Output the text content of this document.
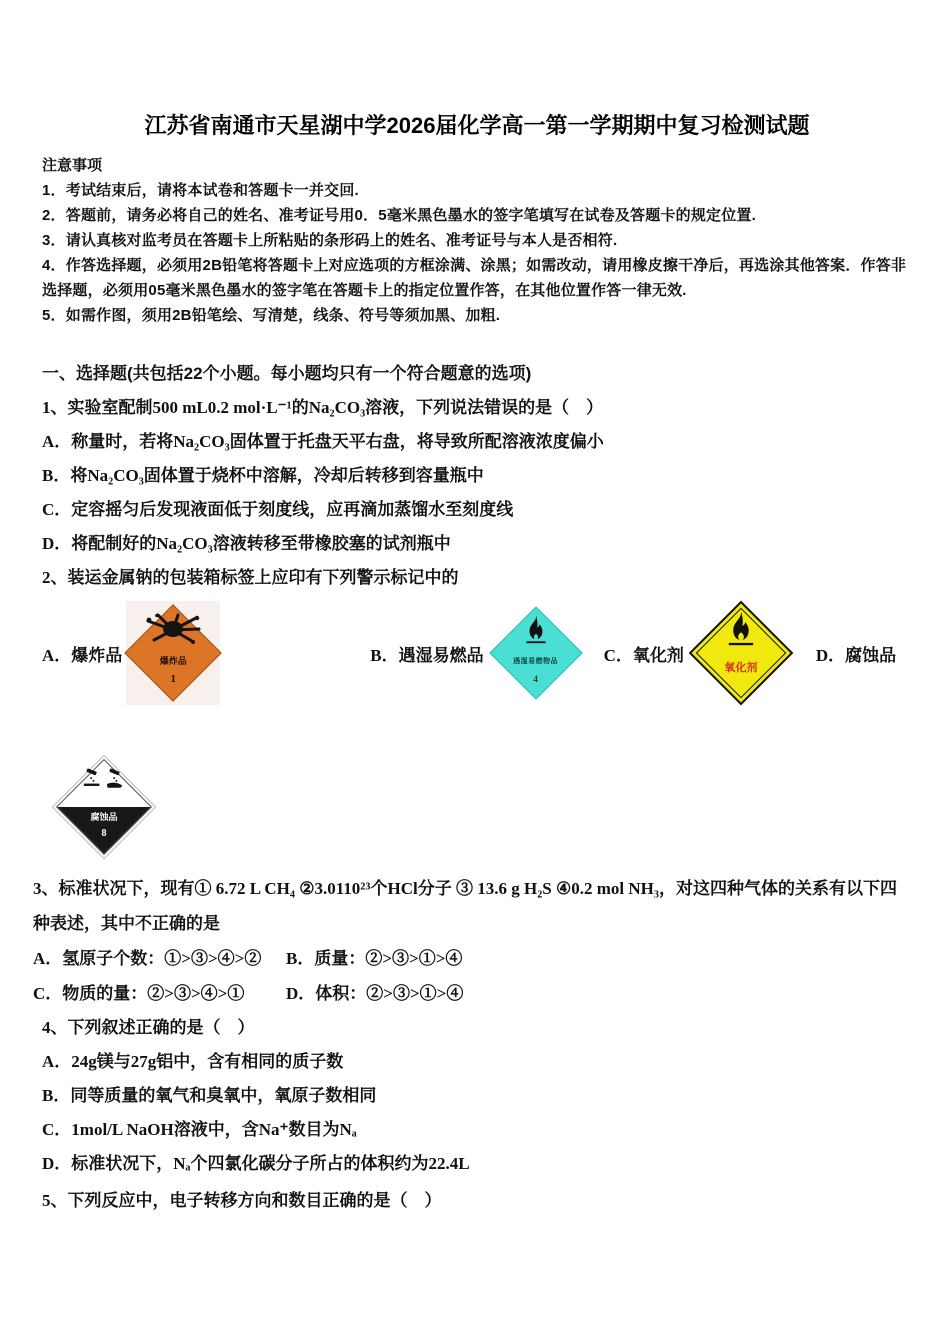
江苏省南通市天星湖中学2026届化学高一第一学期期中复习检测试题
注意事项
1．考试结束后，请将本试卷和答题卡一并交回.
2．答题前，请务必将自己的姓名、准考证号用0．5毫米黑色墨水的签字笔填写在试卷及答题卡的规定位置.
3．请认真核对监考员在答题卡上所粘贴的条形码上的姓名、准考证号与本人是否相符.
4．作答选择题，必须用2B铅笔将答题卡上对应选项的方框涂满、涂黑；如需改动，请用橡皮擦干净后，再选涂其他答案．作答非选择题，必须用05毫米黑色墨水的签字笔在答题卡上的指定位置作答，在其他位置作答一律无效.
5．如需作图，须用2B铅笔绘、写清楚，线条、符号等须加黑、加粗.
一、选择题(共包括22个小题。每小题均只有一个符合题意的选项)
1、实验室配制500 mL0.2 mol·L⁻¹的Na₂CO₃溶液，下列说法错误的是（　）
A．称量时，若将Na₂CO₃固体置于托盘天平右盘，将导致所配溶液浓度偏小
B．将Na₂CO₃固体置于烧杯中溶解，冷却后转移到容量瓶中
C．定容摇匀后发现液面低于刻度线，应再滴加蒸馏水至刻度线
D．将配制好的Na₂CO₃溶液转移至带橡胶塞的试剂瓶中
2、装运金属钠的包装箱标签上应印有下列警示标记中的
A．爆炸品	爆炸品
1
B．遇湿易燃品	遇湿易燃物品
4
C．氧化剂
氧化剂
D．腐蚀品
腐蚀品
8
3、标准状况下，现有① 6.72 L CH₄ ②3.0110²³个HCl分子 ③ 13.6 g H₂S ④0.2 mol NH₃，对这四种气体的关系有以下四
种表述，其中不正确的是
A．氢原子个数：①>③>④>②	B．质量：②>③>①>④
C．物质的量：②>③>④>①	D．体积：②>③>①>④
4、下列叙述正确的是（　）
A．24g镁与27g铝中，含有相同的质子数
B．同等质量的氧气和臭氧中，氧原子数相同
C．1mol/L NaOH溶液中，含Na⁺数目为Nₐ
D．标准状况下，Nₐ个四氯化碳分子所占的体积约为22.4L
5、下列反应中，电子转移方向和数目正确的是（　）
